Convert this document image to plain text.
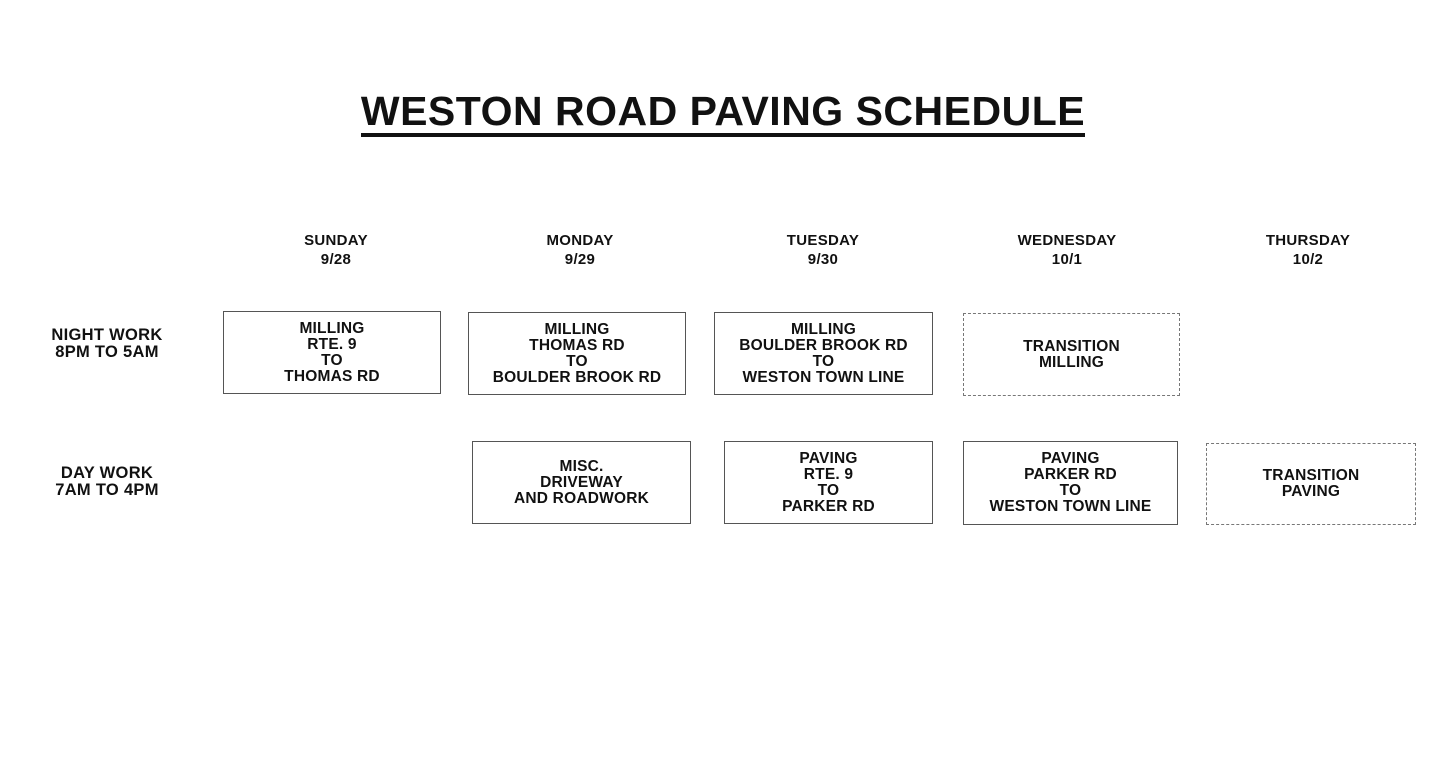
WESTON ROAD PAVING SCHEDULE
SUNDAY
9/28
MONDAY
9/29
TUESDAY
9/30
WEDNESDAY
10/1
THURSDAY
10/2
NIGHT WORK
8PM TO 5AM
DAY WORK
7AM TO 4PM
MILLING
RTE. 9
TO
THOMAS RD
MILLING
THOMAS RD
TO
BOULDER BROOK RD
MILLING
BOULDER BROOK RD
TO
WESTON TOWN LINE
TRANSITION
MILLING
MISC.
DRIVEWAY
AND ROADWORK
PAVING
RTE. 9
TO
PARKER RD
PAVING
PARKER RD
TO
WESTON TOWN LINE
TRANSITION
PAVING
